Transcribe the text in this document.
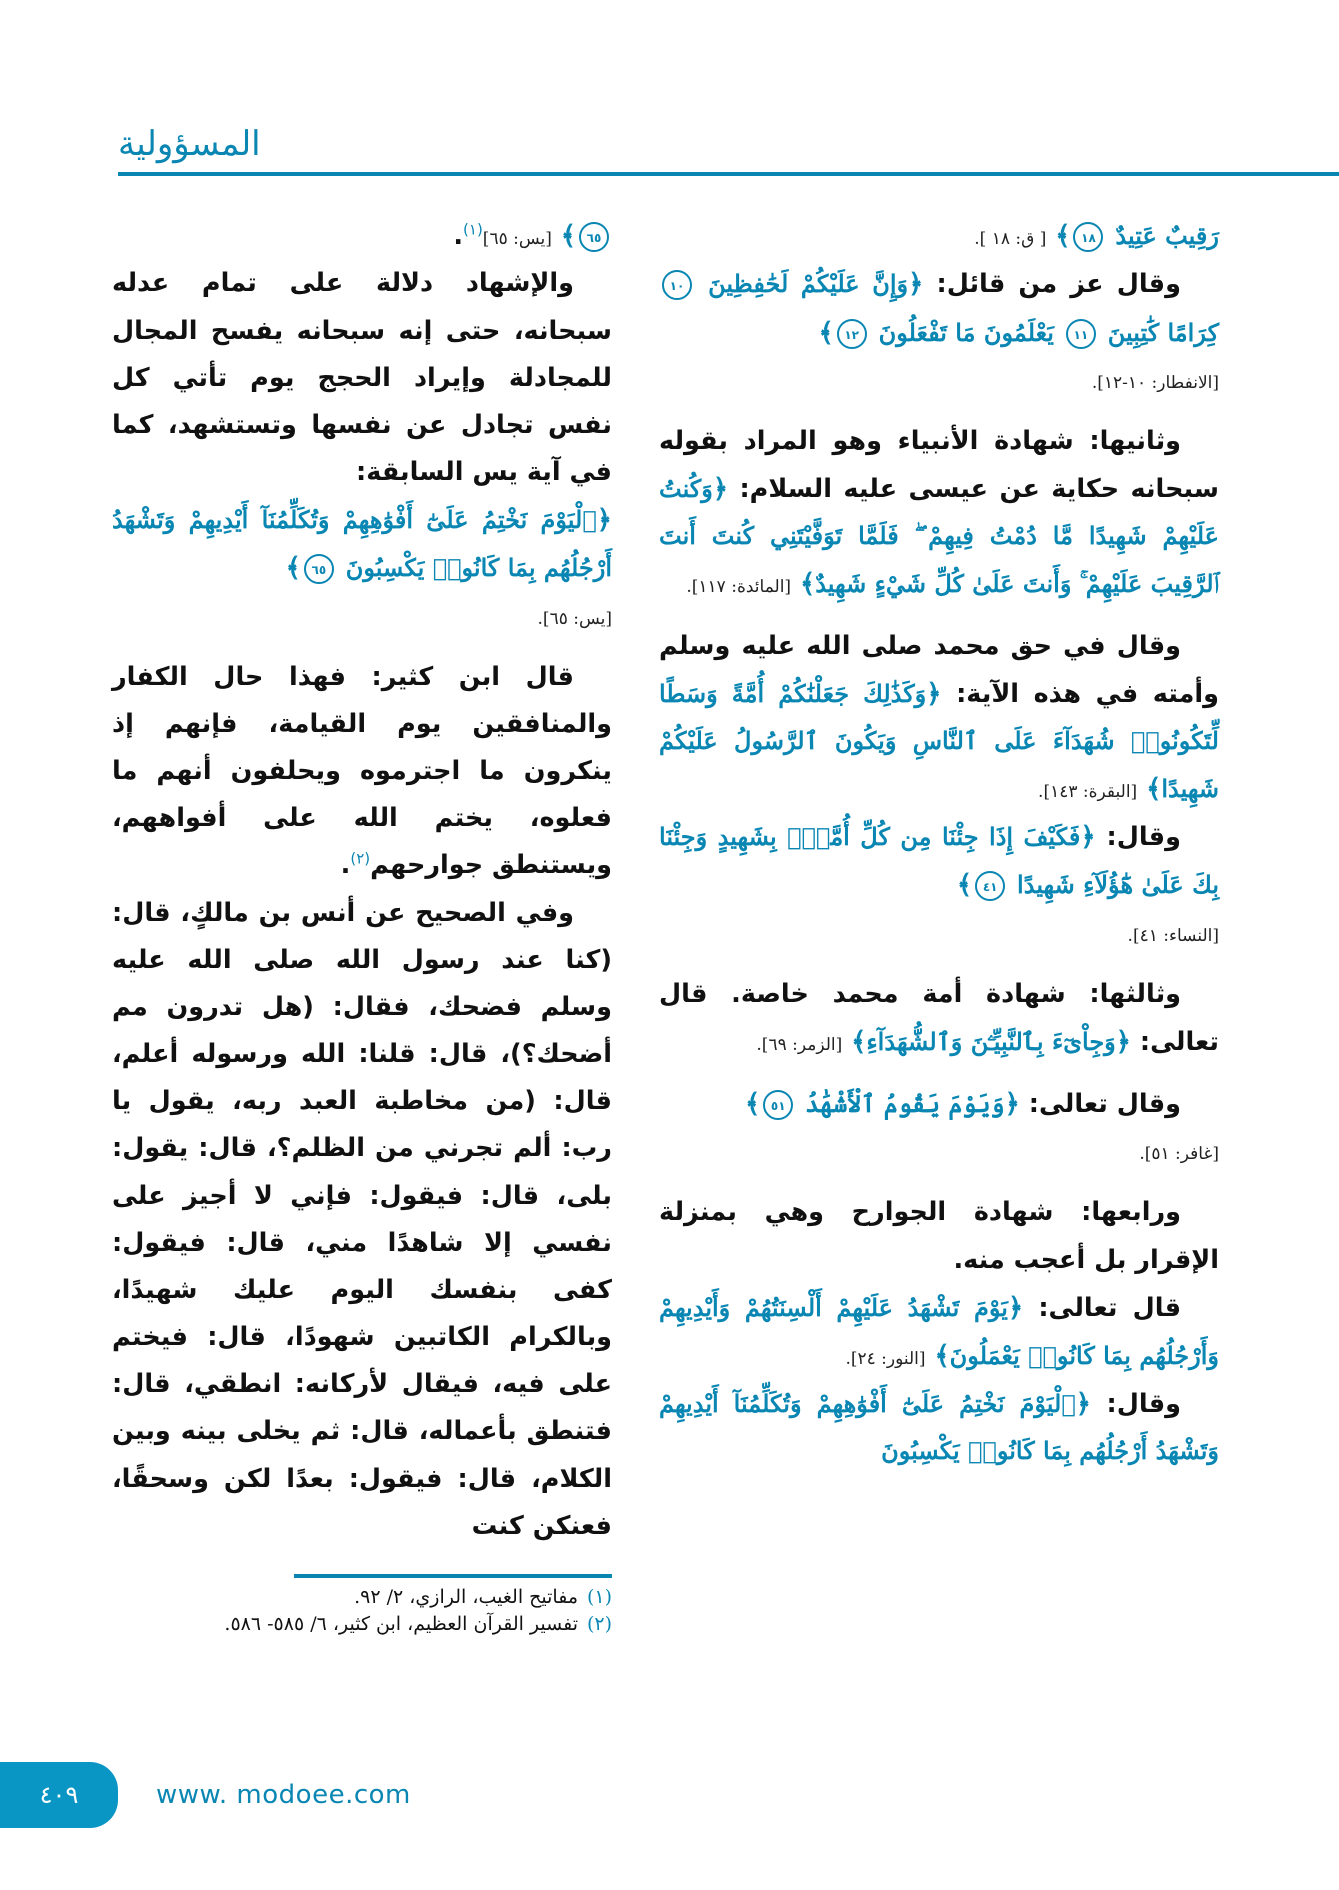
المسؤولية

رَقِيبٌ عَتِيدٌ ١٨﴾ [ ق: ١٨ ].

وقال عز من قائل: ﴿وَإِنَّ عَلَيْكُمْ لَحَٰفِظِينَ ١٠ كِرَامًا كَٰتِبِينَ ١١ يَعْلَمُونَ مَا تَفْعَلُونَ ١٢﴾
[الانفطار: ١٠-١٢].

وثانيها: شهادة الأنبياء وهو المراد بقوله سبحانه حكاية عن عيسى عليه السلام: ﴿وَكُنتُ عَلَيْهِمْ شَهِيدًا مَّا دُمْتُ فِيهِمْ ۖ فَلَمَّا تَوَفَّيْتَنِي كُنتَ أَنتَ ٱلرَّقِيبَ عَلَيْهِمْ ۚ وَأَنتَ عَلَىٰ كُلِّ شَيْءٍ شَهِيدٌ﴾ [المائدة: ١١٧].

وقال في حق محمد صلى الله عليه وسلم وأمته في هذه الآية: ﴿وَكَذَٰلِكَ جَعَلْنَٰكُمْ أُمَّةً وَسَطًا لِّتَكُونُوا۟ شُهَدَآءَ عَلَى ٱلنَّاسِ وَيَكُونَ ٱلرَّسُولُ عَلَيْكُمْ شَهِيدًا﴾ [البقرة: ١٤٣].

وقال: ﴿فَكَيْفَ إِذَا جِئْنَا مِن كُلِّ أُمَّةٍۭ بِشَهِيدٍ وَجِئْنَا بِكَ عَلَىٰ هَٰٓؤُلَآءِ شَهِيدًا ٤١﴾
[النساء: ٤١].

وثالثها: شهادة أمة محمد خاصة. قال تعالى: ﴿وَجِاْىٓءَ بِٱلنَّبِيِّـۧنَ وَٱلشُّهَدَآءِ﴾ [الزمر: ٦٩].

وقال تعالى: ﴿وَيَوْمَ يَقُومُ ٱلْأَشْهَٰدُ ٥١﴾
[غافر: ٥١].

ورابعها: شهادة الجوارح وهي بمنزلة الإقرار بل أعجب منه.

قال تعالى: ﴿يَوْمَ تَشْهَدُ عَلَيْهِمْ أَلْسِنَتُهُمْ وَأَيْدِيهِمْ وَأَرْجُلُهُم بِمَا كَانُوا۟ يَعْمَلُونَ﴾ [النور: ٢٤].

وقال: ﴿ٱلْيَوْمَ نَخْتِمُ عَلَىٰٓ أَفْوَٰهِهِمْ وَتُكَلِّمُنَآ أَيْدِيهِمْ وَتَشْهَدُ أَرْجُلُهُم بِمَا كَانُوا۟ يَكْسِبُونَ

٦٥﴾ [يس: ٦٥]$^{(١)}$.

والإشهاد دلالة على تمام عدله سبحانه، حتى إنه سبحانه يفسح المجال للمجادلة وإيراد الحجج يوم تأتي كل نفس تجادل عن نفسها وتستشهد، كما في آية يس السابقة:

﴿ٱلْيَوْمَ نَخْتِمُ عَلَىٰٓ أَفْوَٰهِهِمْ وَتُكَلِّمُنَآ أَيْدِيهِمْ وَتَشْهَدُ أَرْجُلُهُم بِمَا كَانُوا۟ يَكْسِبُونَ ٦٥﴾
[يس: ٦٥].

قال ابن كثير: فهذا حال الكفار والمنافقين يوم القيامة، فإنهم إذ ينكرون ما اجترموه ويحلفون أنهم ما فعلوه، يختم الله على أفواههم، ويستنطق جوارحهم$^{(٢)}$.

وفي الصحيح عن أنس بن مالكٍ، قال: (كنا عند رسول الله صلى الله عليه وسلم فضحك، فقال: (هل تدرون مم أضحك؟)، قال: قلنا: الله ورسوله أعلم، قال: (من مخاطبة العبد ربه، يقول يا رب: ألم تجرني من الظلم؟، قال: يقول: بلى، قال: فيقول: فإني لا أجيز على نفسي إلا شاهدًا مني، قال: فيقول: كفى بنفسك اليوم عليك شهيدًا، وبالكرام الكاتبين شهودًا، قال: فيختم على فيه، فيقال لأركانه: انطقي، قال: فتنطق بأعماله، قال: ثم يخلى بينه وبين الكلام، قال: فيقول: بعدًا لكن وسحقًا، فعنكن كنت

(١)مفاتيح الغيب، الرازي، ٢/ ٩٢.

(٢)تفسير القرآن العظيم، ابن كثير، ٦/ ٥٨٥- ٥٨٦.

٤٠٩	www. modoee.com
